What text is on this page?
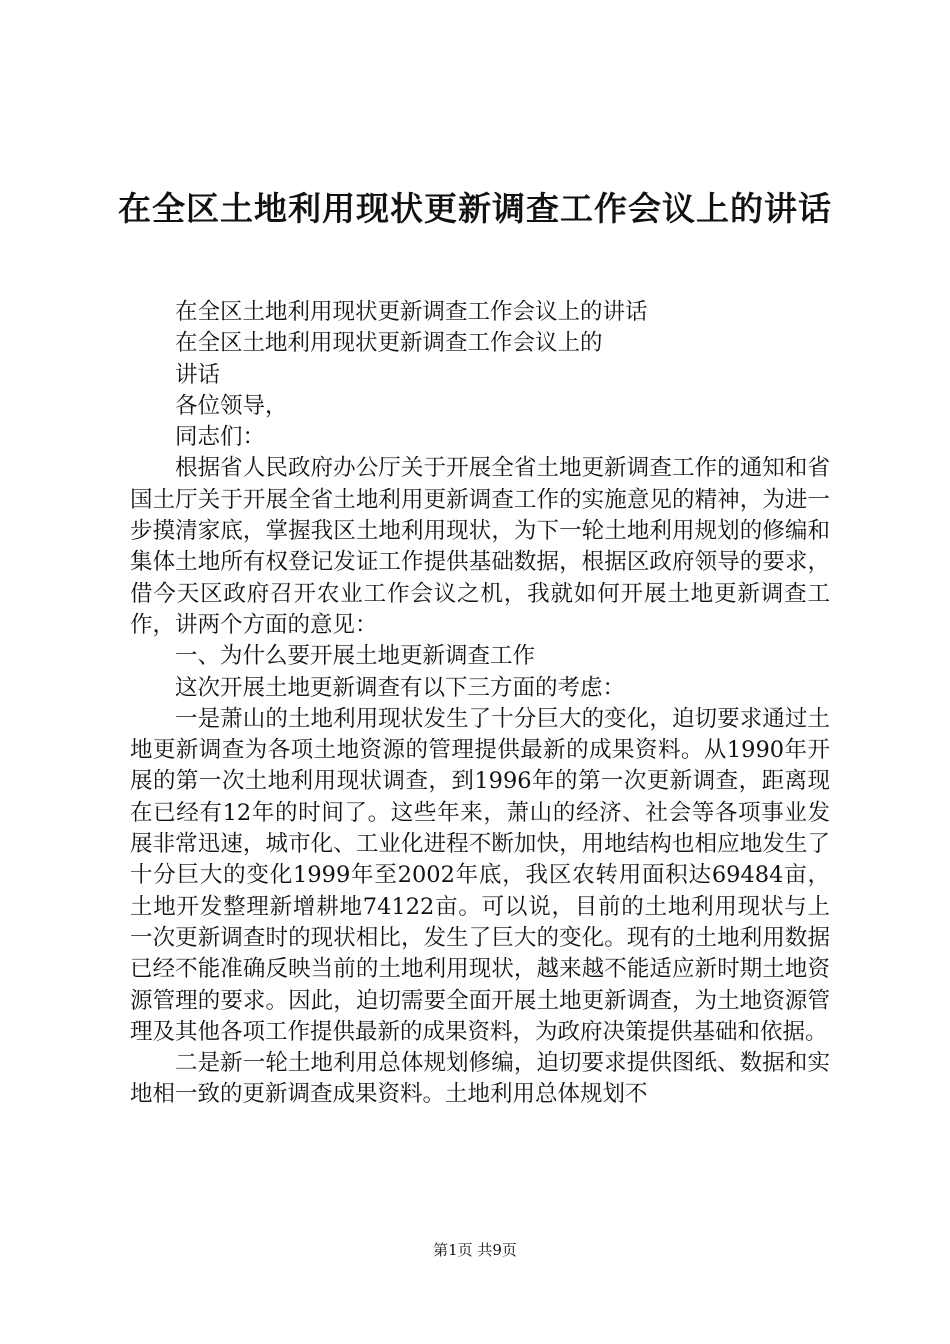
在全区土地利用现状更新调查工作会议上的讲话

在全区土地利用现状更新调查工作会议上的讲话

在全区土地利用现状更新调查工作会议上的

讲话

各位领导，

同志们：

根据省人民政府办公厅关于开展全省土地更新调查工作的通知和省国土厅关于开展全省土地利用更新调查工作的实施意见的精神，为进一步摸清家底，掌握我区土地利用现状，为下一轮土地利用规划的修编和集体土地所有权登记发证工作提供基础数据，根据区政府领导的要求，借今天区政府召开农业工作会议之机，我就如何开展土地更新调查工作，讲两个方面的意见：

一、为什么要开展土地更新调查工作

这次开展土地更新调查有以下三方面的考虑：

一是萧山的土地利用现状发生了十分巨大的变化，迫切要求通过土地更新调查为各项土地资源的管理提供最新的成果资料。从1990年开展的第一次土地利用现状调查，到1996年的第一次更新调查，距离现在已经有12年的时间了。这些年来，萧山的经济、社会等各项事业发展非常迅速，城市化、工业化进程不断加快，用地结构也相应地发生了十分巨大的变化1999年至2002年底，我区农转用面积达69484亩，土地开发整理新增耕地74122亩。可以说，目前的土地利用现状与上一次更新调查时的现状相比，发生了巨大的变化。现有的土地利用数据已经不能准确反映当前的土地利用现状，越来越不能适应新时期土地资源管理的要求。因此，迫切需要全面开展土地更新调查，为土地资源管理及其他各项工作提供最新的成果资料，为政府决策提供基础和依据。

二是新一轮土地利用总体规划修编，迫切要求提供图纸、数据和实地相一致的更新调查成果资料。土地利用总体规划不

第1页 共9页
